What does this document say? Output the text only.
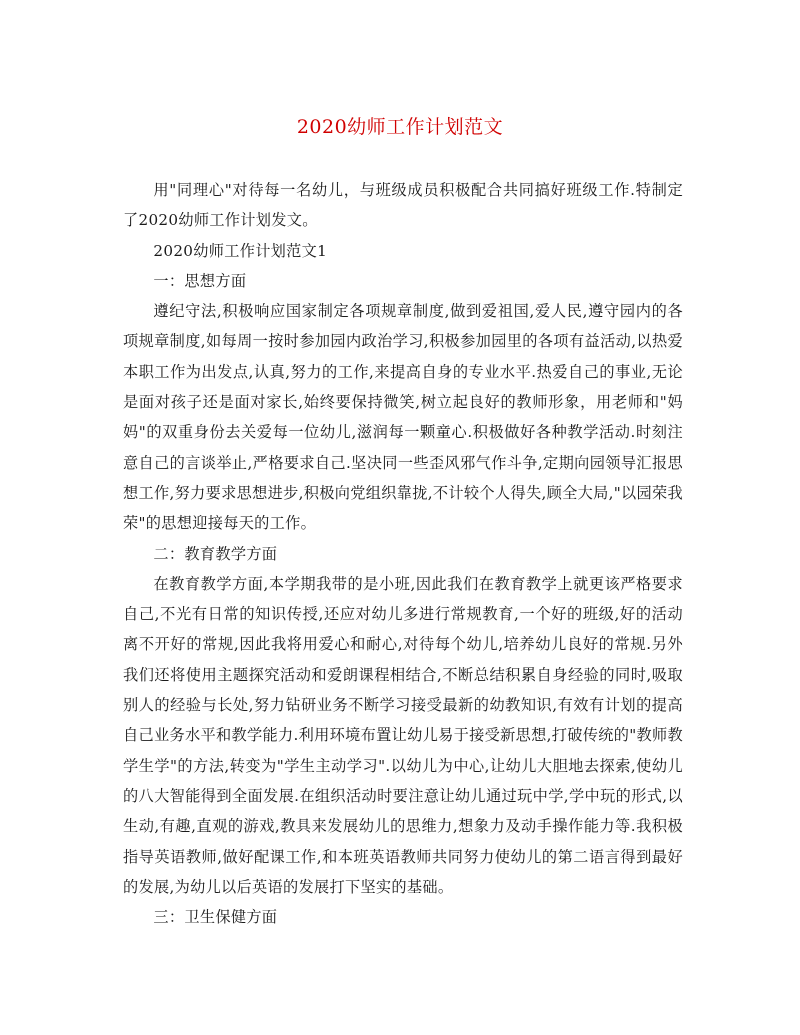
2020幼师工作计划范文

用"同理心"对待每一名幼儿，与班级成员积极配合共同搞好班级工作.特制定了2020幼师工作计划发文。

2020幼师工作计划范文1

一：思想方面

遵纪守法,积极响应国家制定各项规章制度,做到爱祖国,爱人民,遵守园内的各项规章制度,如每周一按时参加园内政治学习,积极参加园里的各项有益活动,以热爱本职工作为出发点,认真,努力的工作,来提高自身的专业水平.热爱自己的事业,无论是面对孩子还是面对家长,始终要保持微笑,树立起良好的教师形象，用老师和"妈妈"的双重身份去关爱每一位幼儿,滋润每一颗童心.积极做好各种教学活动.时刻注意自己的言谈举止,严格要求自己.坚决同一些歪风邪气作斗争,定期向园领导汇报思想工作,努力要求思想进步,积极向党组织靠拢,不计较个人得失,顾全大局,"以园荣我荣"的思想迎接每天的工作。

二：教育教学方面

在教育教学方面,本学期我带的是小班,因此我们在教育教学上就更该严格要求自己,不光有日常的知识传授,还应对幼儿多进行常规教育,一个好的班级,好的活动离不开好的常规,因此我将用爱心和耐心,对待每个幼儿,培养幼儿良好的常规.另外我们还将使用主题探究活动和爱朗课程相结合,不断总结积累自身经验的同时,吸取别人的经验与长处,努力钻研业务不断学习接受最新的幼教知识,有效有计划的提高自己业务水平和教学能力.利用环境布置让幼儿易于接受新思想,打破传统的"教师教学生学"的方法,转变为"学生主动学习".以幼儿为中心,让幼儿大胆地去探索,使幼儿的八大智能得到全面发展.在组织活动时要注意让幼儿通过玩中学,学中玩的形式,以生动,有趣,直观的游戏,教具来发展幼儿的思维力,想象力及动手操作能力等.我积极指导英语教师,做好配课工作,和本班英语教师共同努力使幼儿的第二语言得到最好的发展,为幼儿以后英语的发展打下坚实的基础。

三：卫生保健方面
